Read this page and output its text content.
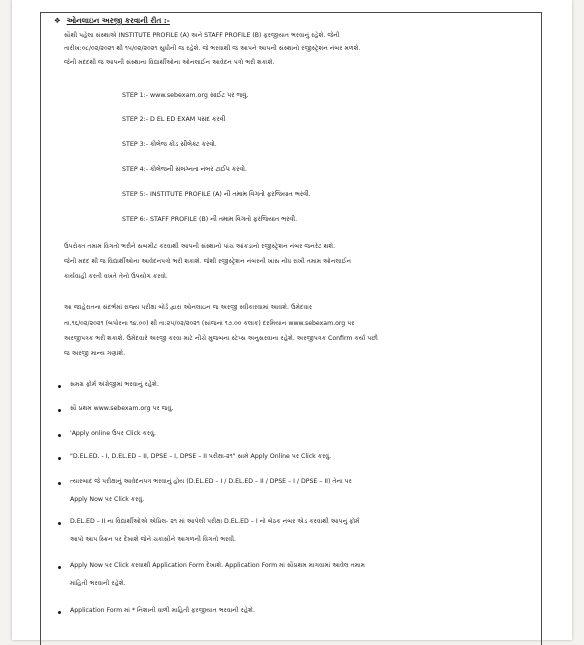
❖ ઓનલાઇન અરજી કરવાની રીત :-
સૌથી પહેલા સંસ્થાએ INSTITUTE PROFILE (A) અને STAFF PROFILE (B) ફરજીયાત ભરવાનું રહેશે. જેની
તારીખ:૦૮/૦૨/૨૦૨૧ થી ૧૫/૦૨/૨૦૨૧ સુધીની જ રહેશે. જે ભરવાથી જ આપને આપની સંસ્થાનો રજીસ્ટ્રેશન નંબર મળશે.
જેની મદદથી જ આપની સંસ્થાના વિદ્યાર્થીઓના ઓનલાઈન આવેદન પત્રો ભરી શકાશે.
STEP 1:- www.sebexam.org સાઈટ પર જવું.
STEP 2:- D EL ED EXAM પસંદ કરવી
STEP 3:- કોલેજ કોડ સીલેક્ટ કરવો.
STEP 4:- કોલેજની સંલગ્નતા નંબર ટાઈપ કરવો.
STEP 5:- INSTITUTE PROFILE (A) ની તમામ વિગતો ફરજિયાત ભરવી.
STEP 6:- STAFF PROFILE (B) ની તમામ વિગતો ફરજિયાત ભરવી.
ઉપરોક્ત તમામ વિગતો ભરીને સબમીટ કરવાથી આપની સંસ્થાનો પાંચ આંકડાનો રજીસ્ટ્રેશન નંબર જનરેટ થશે.
જેની મદદ થી જ વિદ્યાર્થીઓના આવેદનપત્રો ભરી શકાશે. જેથી રજીસ્ટ્રેશન નંબરની ખાસ નોંધ રાખી તમામ ઓનલાઈન
કાર્યવાહી કરતી વખતે તેનો ઉપયોગ કરવો.
આ જાહેરાતના સંદર્ભમાં રાજ્ય પરીક્ષા બોર્ડ દ્વારા ઓનલાઇન જ અરજી સ્વીકારવામાં આવશે. ઉમેદવાર
તા.૧૬/૦૨/૨૦૨૧ (બપોરના ૧૪.૦૦) થી તા:૨૫/૦૨/૨૦૨૧ (સાંજના ૧૭.૦૦ કલાક) દરમિયાન www.sebexam.org પર
અરજીપત્રક ભરી શકાશે. ઉમેદવારે અરજી કરવા માટે નીચે મુજબના સ્ટેપ્સ અનુસરવાના રહેશે. અરજીપત્રક Confirm કર્યા પછી
જ અરજી માન્ય ગણાશે.
સમગ્ર ફોર્મ અંગ્રેજીમાં ભરવાનું રહેશે.
સૌ પ્રથમ www.sebexam.org પર જવું.
'Apply online ઉપર Click કરવું.
"D.EL.ED. - I, D.EL.ED – II, DPSE – I, DPSE – II પરીક્ષા-૨૧" સામે Apply Online પર Click કરવું.
ત્યારબાદ જે પરીક્ષાનું આવેદનપત્ર ભરવાનું હોય (D.EL.ED – I / D.EL.ED – II / DPSE – I / DPSE – II) તેના પર
Apply Now પર Click કરવું.
D.EL.ED – II ના વિદ્યાર્થીઓએ એપ્રિલ- ૨૧ માં આપેલી પરીક્ષા D.EL.ED – I નો બેઠક નંબર એડ કરવાથી આપનું ફોર્મ
આપો આપ સ્ક્રિન પર દેખાશે જેને ચકાસીને આગળની વિગતો ભરવી.
Apply Now પર Click કરવાથી Application Form દેખાશે. Application Form માં સૌપ્રથમ માગવામાં આવેલ તમામ
માહિતી ભરવાની રહેશે.
Application Form માં * નિશાની વાળી માહિતી ફરજીયાત ભરવાની રહેશે.
